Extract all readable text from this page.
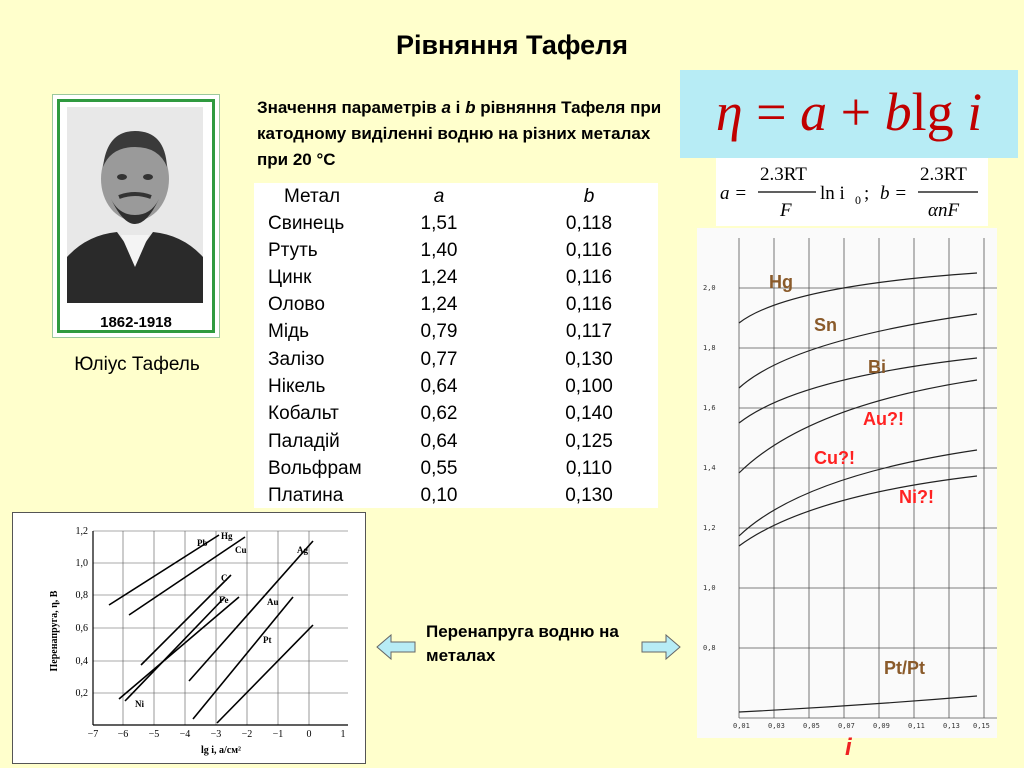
Рівняння Тафеля
1862-1918
Юліус Тафель
Значення параметрів a і b рівняння Тафеля при катодному виділенні водню на різних металах при 20 °С
Метал	a	b
Свинець	1,51	0,118
Ртуть	1,40	0,116
Цинк	1,24	0,116
Олово	1,24	0,116
Мідь	0,79	0,117
Залізо	0,77	0,130
Нікель	0,64	0,100
Кобальт	0,62	0,140
Паладій	0,64	0,125
Вольфрам	0,55	0,110
Платина	0,10	0,130
η = a + blg i
a =
2.3RT
F
ln i 0 ; b =
2.3RT
αnF
2,0
1,8
1,6
1,4
1,2
1,0
0,8
0,01	0,03	0,05	0,07	0,09	0,11	0,13 0,15
Hg
Sn
Bi
Au?!
Cu?!
Ni?!
Pt/Pt
i
Pb
Hg
Cu	Ag
C
Fe	Au
Pt
Ni
0,2
0,4
0,6
0,8
1,0
1,2
−7 −6 −5 −4 −3 −2 −1 0	1
lg i, а/см²
Перенапруга, η, В	Перенапруга водню на металах
